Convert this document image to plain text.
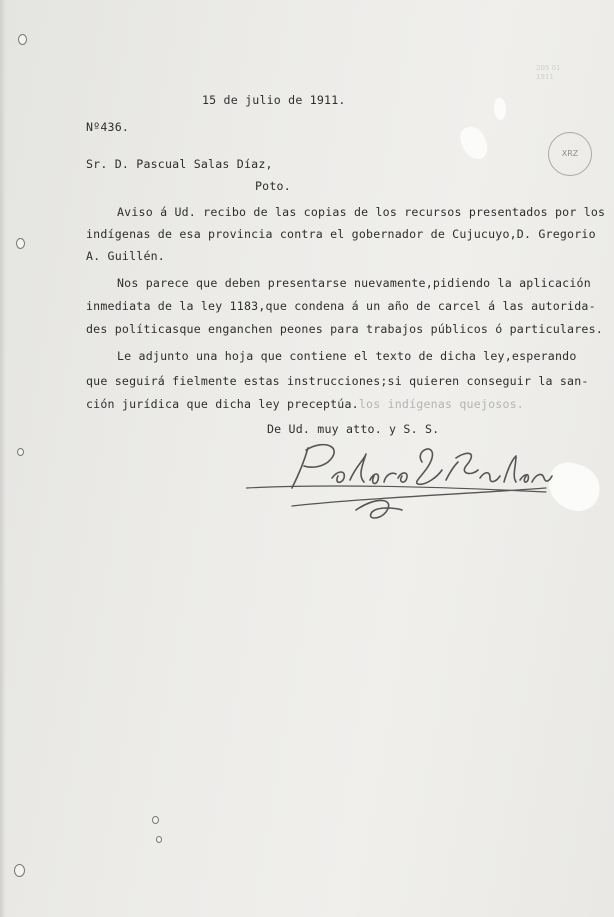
205 01 1911
XRZ
15 de julio de 1911.
Nº436.
Sr. D. Pascual Salas Díaz,
Poto.
Aviso á Ud. recibo de las copias de los recursos presentados por los
indígenas de esa provincia contra el gobernador de Cujucuyo,D. Gregorio
A. Guillén.
Nos parece que deben presentarse nuevamente,pidiendo la aplicación
inmediata de la ley 1183,que condena á un año de carcel á las autorida-
des políticasque enganchen peones para trabajos públicos ó particulares.
Le adjunto una hoja que contiene el texto de dicha ley,esperando
que seguirá fielmente estas instrucciones;si quieren conseguir la san-
ción jurídica que dicha ley preceptúa.los indígenas quejosos.
De Ud. muy atto. y S. S.
